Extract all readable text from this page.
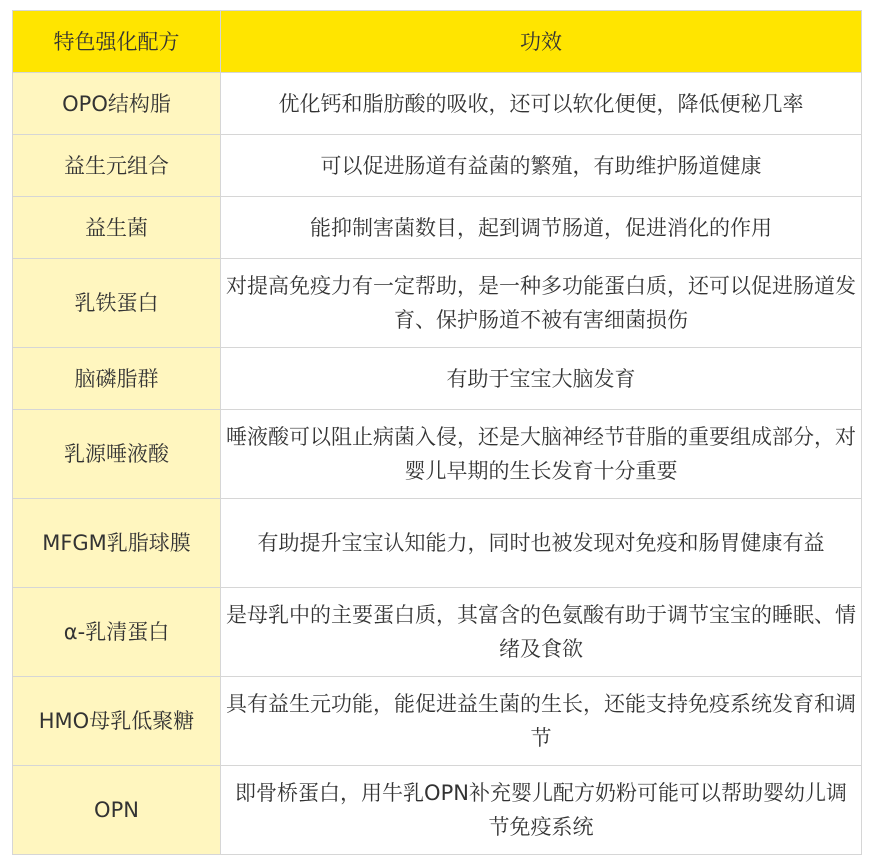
特色强化配方	功效
OPO结构脂	优化钙和脂肪酸的吸收，还可以软化便便，降低便秘几率
益生元组合	可以促进肠道有益菌的繁殖，有助维护肠道健康
益生菌	能抑制害菌数目，起到调节肠道，促进消化的作用
乳铁蛋白	对提高免疫力有一定帮助，是一种多功能蛋白质，还可以促进肠道发育、保护肠道不被有害细菌损伤
脑磷脂群	有助于宝宝大脑发育
乳源唾液酸	唾液酸可以阻止病菌入侵，还是大脑神经节苷脂的重要组成部分，对婴儿早期的生长发育十分重要
MFGM乳脂球膜	有助提升宝宝认知能力，同时也被发现对免疫和肠胃健康有益
α-乳清蛋白	是母乳中的主要蛋白质，其富含的色氨酸有助于调节宝宝的睡眠、情绪及食欲
HMO母乳低聚糖	具有益生元功能，能促进益生菌的生长，还能支持免疫系统发育和调节
OPN	即骨桥蛋白，用牛乳OPN补充婴儿配方奶粉可能可以帮助婴幼儿调节免疫系统
